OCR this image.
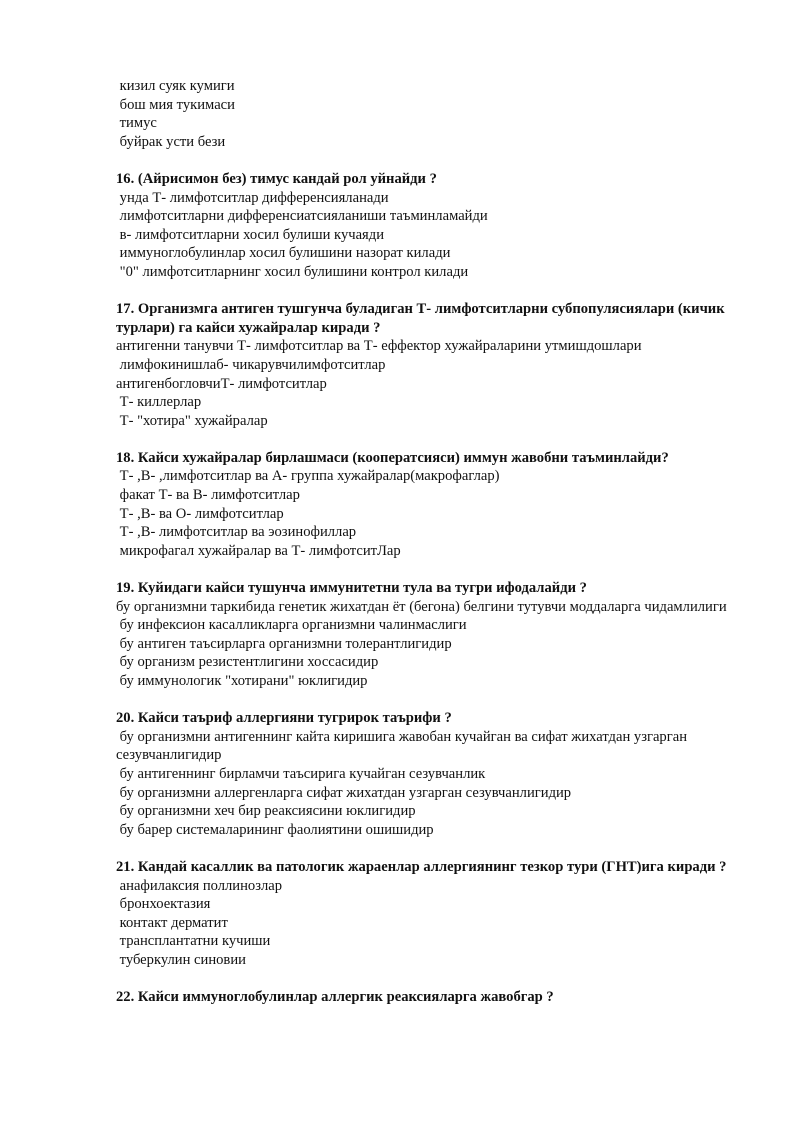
кизил суяк кумиги
бош мия тукимаси
тимус
буйрак усти бези
16. (Айрисимон без) тимус кандай рол уйнайди ?
унда Т- лимфотситлар дифференсияланади
лимфотситларни дифференсиатсияланиши таъминламайди
в- лимфотситларни хосил булиши кучаяди
иммуноглобулинлар хосил булишини назорат килади
"0" лимфотситларнинг хосил булишини контрол килади
17. Организмга антиген тушгунча буладиган Т- лимфотситларни субпопулясиялари (кичик турлари) га кайси хужайралар киради ?
антигенни танувчи Т- лимфотситлар ва Т- еффектор хужайраларини утмишдошлари
лимфокинишлаб- чикарувчилимфотситлар
антигенбогловчиТ- лимфотситлар
Т- киллерлар
Т- "хотира" хужайралар
18. Кайси хужайралар бирлашмаси (кооператсияси) иммун жавобни таъминлайди?
Т- ,В- ,лимфотситлар ва А- группа хужайралар(макрофаглар)
факат Т- ва В- лимфотситлар
Т- ,В- ва О- лимфотситлар
Т- ,В- лимфотситлар ва эозинофиллар
микрофагал хужайралар ва Т- лимфотситЛар
19. Куйидаги кайси тушунча иммунитетни тула ва тугри ифодалайди ?
бу организмни таркибида генетик жихатдан ёт (бегона) белгини тутувчи моддаларга чидамлилиги
бу инфексион касалликларга организмни чалинмаслиги
бу антиген таъсирларга организмни толерантлигидир
бу организм резистентлигини хоссасидир
бу иммунологик "хотирани" юклигидир
20. Кайси таъриф аллергияни тугрирок таърифи ?
бу организмни антигеннинг кайта киришига жавобан кучайган ва сифат жихатдан узгарган сезувчанлигидир
бу антигеннинг бирламчи таъсирига кучайган сезувчанлик
бу организмни аллергенларга сифат жихатдан узгарган сезувчанлигидир
бу организмни хеч бир реаксиясини юклигидир
бу барер системаларининг фаолиятини ошишидир
21. Кандай касаллик ва патологик жараенлар аллергиянинг тезкор тури (ГНТ)ига киради ?
анафилаксия поллинозлар
бронхоектазия
контакт дерматит
трансплантатни кучиши
туберкулин синовии
22. Кайси иммуноглобулинлар аллергик реаксияларга жавобгар ?
